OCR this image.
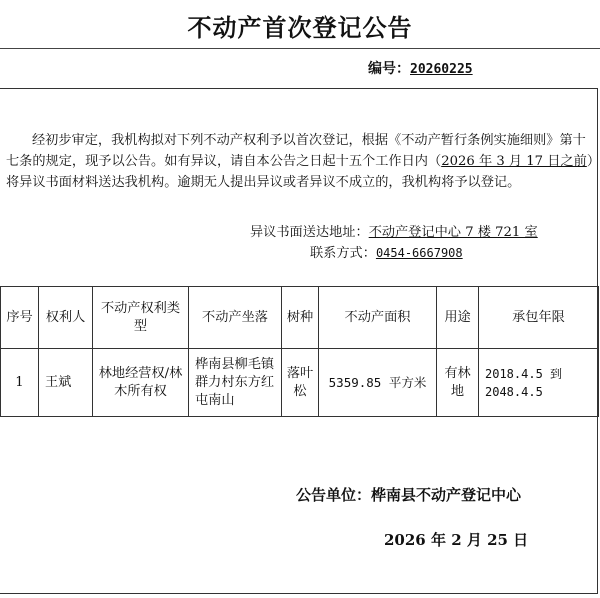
不动产首次登记公告
编号：20260225
经初步审定，我机构拟对下列不动产权利予以首次登记，根据《不动产暂行条例实施细则》第十七条的规定，现予以公告。如有异议，请自本公告之日起十五个工作日内（2026 年 3 月 17 日之前）将异议书面材料送达我机构。逾期无人提出异议或者异议不成立的，我机构将予以登记。
异议书面送达地址：不动产登记中心 7 楼 721 室
联系方式：0454-6667908
序号	权利人	不动产权利类型	不动产坐落	树种	不动产面积	用途	承包年限
1	王斌	林地经营权/林木所有权	桦南县柳毛镇群力村东方红屯南山	落叶松	5359.85 平方米	有林地	2018.4.5 到
2048.4.5
公告单位：桦南县不动产登记中心
2026 年 2 月 25 日
